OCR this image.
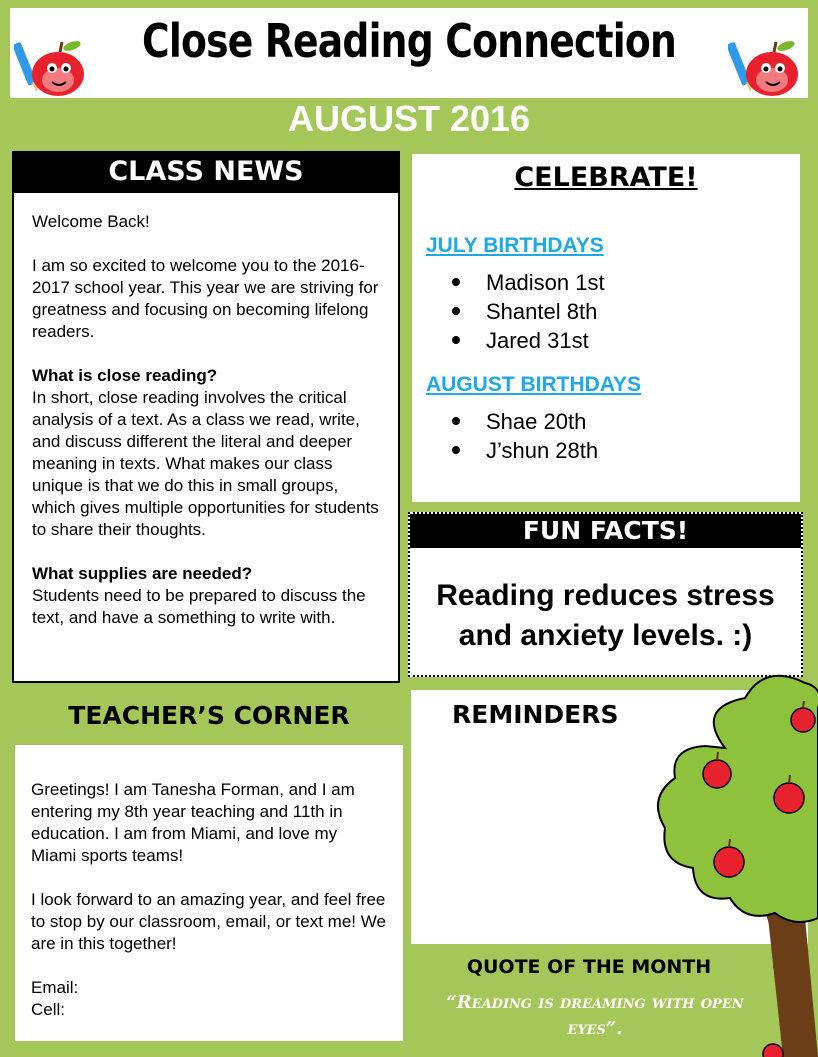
Close Reading Connection
AUGUST 2016
CLASS NEWS

Welcome Back!

I am so excited to welcome you to the 2016-2017 school year. This year we are striving for greatness and focusing on becoming lifelong readers.

What is close reading?
In short, close reading involves the critical analysis of a text. As a class we read, write, and discuss different the literal and deeper meaning in texts. What makes our class unique is that we do this in small groups, which gives multiple opportunities for students to share their thoughts.

What supplies are needed?
Students need to be prepared to discuss the text, and have a something to write with.

CELEBRATE!
JULY BIRTHDAYS
Madison 1st
Shantel 8th
Jared 31st
AUGUST BIRTHDAYS
Shae 20th
J’shun 28th
FUN FACTS!
Reading reduces stress
and anxiety levels. :)
TEACHER’S CORNER

Greetings! I am Tanesha Forman, and I am entering my 8th year teaching and 11th in education. I am from Miami, and love my Miami sports teams!

I look forward to an amazing year, and feel free to stop by our classroom, email, or text me! We are in this together!

Email:
Cell:
REMINDERS
QUOTE OF THE MONTH
“Reading is dreaming with open eyes”.
